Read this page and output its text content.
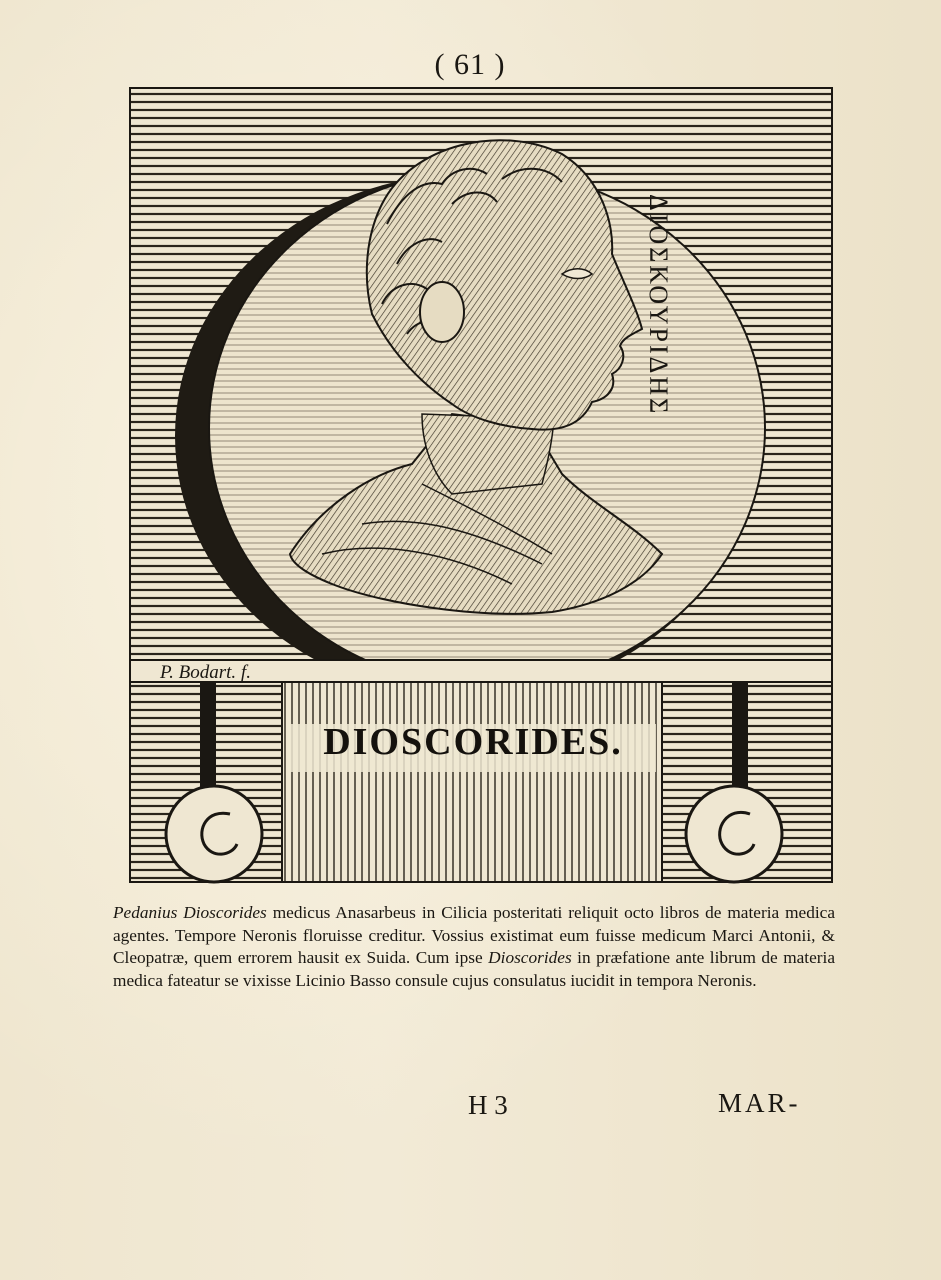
( 61 )
ΔΙΟΣΚΟΥΡΙΔΗΣ
P. Bodart. f.
DIOSCORIDES.
Pedanius Dioscorides medicus Anasarbeus in Cilicia posteritati reliquit octo libros de materia medica agentes. Tempore Neronis floruisse creditur. Vossius existimat eum fuisse medicum Marci Antonii, & Cleopatræ, quem errorem hausit ex Suida. Cum ipse Dioscorides in præfatione ante librum de materia medica fateatur se vixisse Licinio Basso consule cujus consulatus iucidit in tempora Neronis.
H 3	MAR-
